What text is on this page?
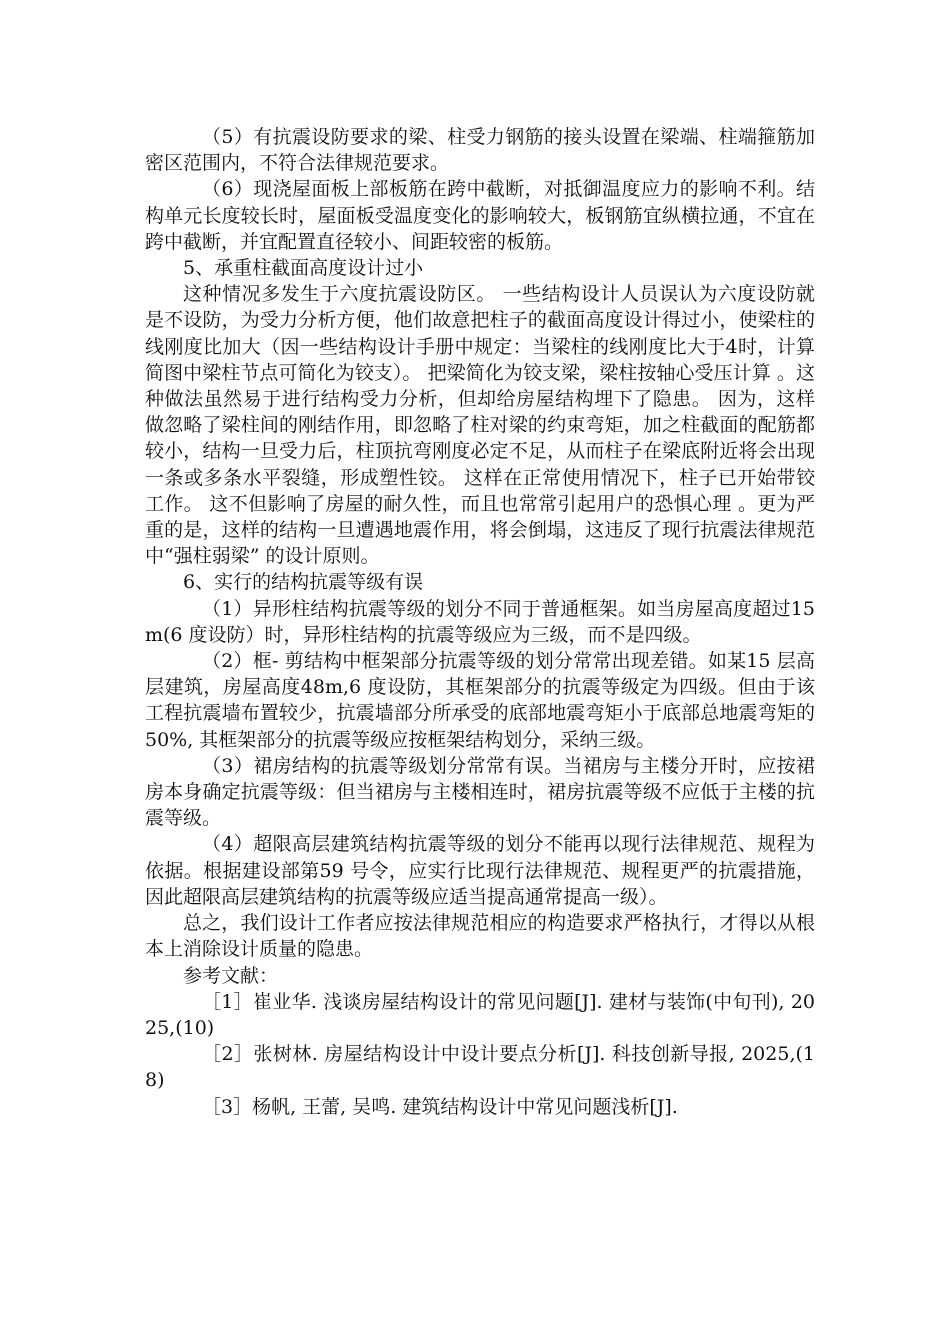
（5）有抗震设防要求的梁、柱受力钢筋的接头设置在梁端、柱端箍筋加密区范围内，不符合法律规范要求。

（6）现浇屋面板上部板筋在跨中截断，对抵御温度应力的影响不利。结构单元长度较长时，屋面板受温度变化的影响较大，板钢筋宜纵横拉通，不宜在跨中截断，并宜配置直径较小、间距较密的板筋。

5、承重柱截面高度设计过小

这种情况多发生于六度抗震设防区。 一些结构设计人员误认为六度设防就是不设防，为受力分析方便，他们故意把柱子的截面高度设计得过小，使梁柱的线刚度比加大（因一些结构设计手册中规定：当梁柱的线刚度比大于4时，计算简图中梁柱节点可简化为铰支）。 把梁简化为铰支梁，梁柱按轴心受压计算 。这种做法虽然易于进行结构受力分析，但却给房屋结构埋下了隐患。 因为，这样做忽略了梁柱间的刚结作用，即忽略了柱对梁的约束弯矩，加之柱截面的配筋都较小，结构一旦受力后，柱顶抗弯刚度必定不足，从而柱子在梁底附近将会出现一条或多条水平裂缝，形成塑性铰。 这样在正常使用情况下，柱子已开始带铰工作。 这不但影响了房屋的耐久性，而且也常常引起用户的恐惧心理 。更为严重的是，这样的结构一旦遭遇地震作用，将会倒塌，这违反了现行抗震法律规范中“强柱弱梁” 的设计原则。

6、实行的结构抗震等级有误

（1）异形柱结构抗震等级的划分不同于普通框架。如当房屋高度超过15m(6 度设防）时，异形柱结构的抗震等级应为三级，而不是四级。

（2）框- 剪结构中框架部分抗震等级的划分常常出现差错。如某15 层高层建筑，房屋高度48m,6 度设防，其框架部分的抗震等级定为四级。但由于该工程抗震墙布置较少，抗震墙部分所承受的底部地震弯矩小于底部总地震弯矩的50%, 其框架部分的抗震等级应按框架结构划分，采纳三级。

（3）裙房结构的抗震等级划分常常有误。当裙房与主楼分开时，应按裙房本身确定抗震等级：但当裙房与主楼相连时，裙房抗震等级不应低于主楼的抗震等级。

（4）超限高层建筑结构抗震等级的划分不能再以现行法律规范、规程为依据。根据建设部第59 号令，应实行比现行法律规范、规程更严的抗震措施，因此超限高层建筑结构的抗震等级应适当提高通常提高一级）。

总之，我们设计工作者应按法律规范相应的构造要求严格执行，才得以从根本上消除设计质量的隐患。

参考文献：

［1］崔业华. 浅谈房屋结构设计的常见问题[J]. 建材与装饰(中旬刊), 2025,(10)

［2］张树林. 房屋结构设计中设计要点分析[J]. 科技创新导报, 2025,(18)

［3］杨帆, 王蕾, 吴鸣. 建筑结构设计中常见问题浅析[J].
